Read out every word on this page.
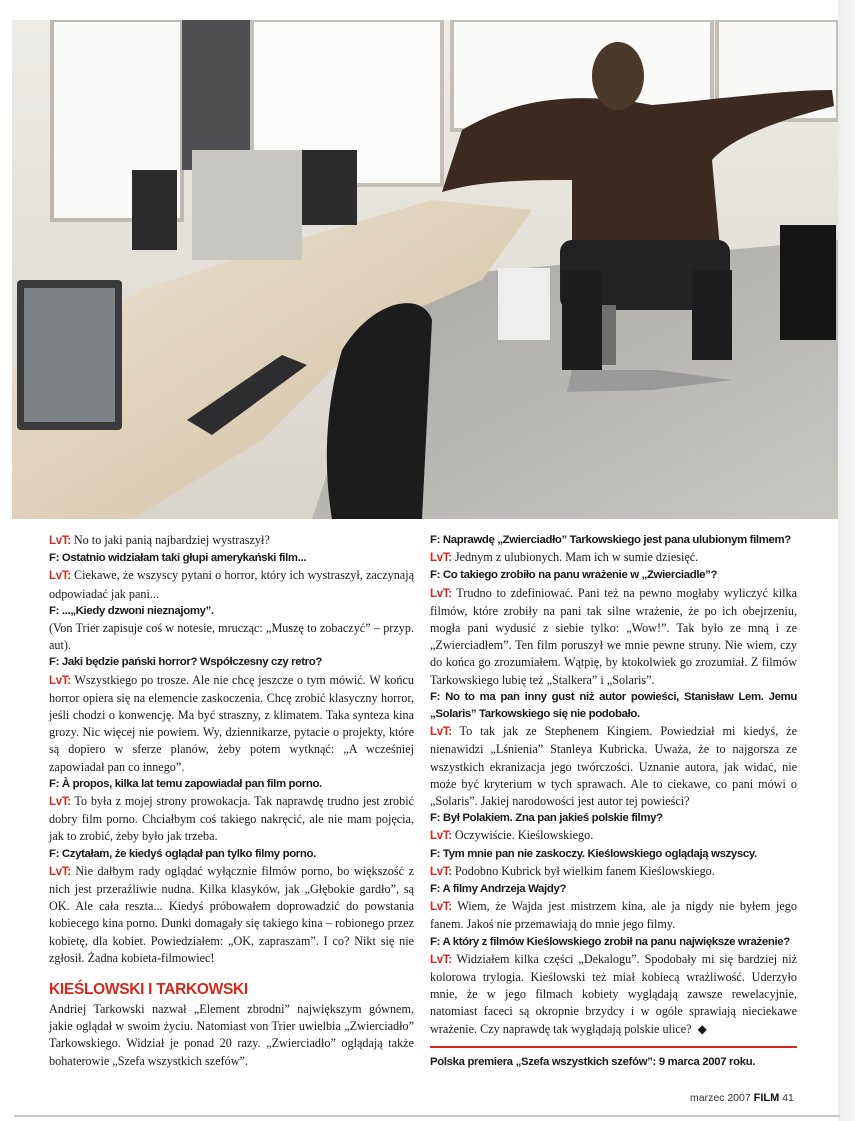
LvT: No to jaki panią najbardziej wystraszył?

F: Ostatnio widziałam taki głupi amerykański film...

LvT: Ciekawe, że wszyscy pytani o horror, który ich wystraszył, zaczynają odpowiadać jak pani...

F: ...„Kiedy dzwoni nieznajomy”.

(Von Trier zapisuje coś w notesie, mrucząc: „Muszę to zobaczyć” – przyp. aut).

F: Jaki będzie pański horror? Współczesny czy retro?

LvT: Wszystkiego po trosze. Ale nie chcę jeszcze o tym mówić. W końcu horror opiera się na elemencie zaskoczenia. Chcę zrobić klasyczny horror, jeśli chodzi o konwencję. Ma być straszny, z klimatem. Taka synteza kina grozy. Nic więcej nie powiem. Wy, dziennikarze, pytacie o projekty, które są dopiero w sferze planów, żeby potem wytknąć: „A wcześniej zapowiadał pan co innego”.

F: À propos, kilka lat temu zapowiadał pan film porno.

LvT: To była z mojej strony prowokacja. Tak naprawdę trudno jest zrobić dobry film porno. Chciałbym coś takiego nakręcić, ale nie mam pojęcia, jak to zrobić, żeby było jak trzeba.

F: Czytałam, że kiedyś oglądał pan tylko filmy porno.

LvT: Nie dałbym rady oglądać wyłącznie filmów porno, bo większość z nich jest przeraźliwie nudna. Kilka klasyków, jak „Głębokie gardło”, są OK. Ale cała reszta... Kiedyś próbowałem doprowadzić do powstania kobiecego kina porno. Dunki domagały się takiego kina – robionego przez kobietę, dla kobiet. Powiedziałem: „OK, zapraszam”. I co? Nikt się nie zgłosił. Żadna kobieta-filmowiec!

KIEŚLOWSKI I TARKOWSKI

Andriej Tarkowski nazwał „Element zbrodni” największym gównem, jakie oglądał w swoim życiu. Natomiast von Trier uwielbia „Zwierciadło” Tarkowskiego. Widział je ponad 20 razy. „Zwierciadło” oglądają także bohaterowie „Szefa wszystkich szefów”.

F: Naprawdę „Zwierciadło” Tarkowskiego jest pana ulubionym filmem?

LvT: Jednym z ulubionych. Mam ich w sumie dziesięć.

F: Co takiego zrobiło na panu wrażenie w „Zwierciadle”?

LvT: Trudno to zdefiniować. Pani też na pewno mogłaby wyliczyć kilka filmów, które zrobiły na pani tak silne wrażenie, że po ich obejrzeniu, mogła pani wydusić z siebie tylko: „Wow!”. Tak było ze mną i ze „Zwierciadłem”. Ten film poruszył we mnie pewne struny. Nie wiem, czy do końca go zrozumiałem. Wątpię, by ktokolwiek go zrozumiał. Z filmów Tarkowskiego lubię też „Stalkera” i „Solaris”.

F: No to ma pan inny gust niż autor powieści, Stanisław Lem. Jemu „Solaris” Tarkowskiego się nie podobało.

LvT: To tak jak ze Stephenem Kingiem. Powiedział mi kiedyś, że nienawidzi „Lśnienia” Stanleya Kubricka. Uważa, że to najgorsza ze wszystkich ekranizacja jego twórczości. Uznanie autora, jak widać, nie może być kryterium w tych sprawach. Ale to ciekawe, co pani mówi o „Solaris”. Jakiej narodowości jest autor tej powieści?

F: Był Polakiem. Zna pan jakieś polskie filmy?

LvT: Oczywiście. Kieślowskiego.

F: Tym mnie pan nie zaskoczy. Kieślowskiego oglądają wszyscy.

LvT: Podobno Kubrick był wielkim fanem Kieślowskiego.

F: A filmy Andrzeja Wajdy?

LvT: Wiem, że Wajda jest mistrzem kina, ale ja nigdy nie byłem jego fanem. Jakoś nie przemawiają do mnie jego filmy.

F: A który z filmów Kieślowskiego zrobił na panu największe wrażenie?

LvT: Widziałem kilka części „Dekalogu”. Spodobały mi się bardziej niż kolorowa trylogia. Kieślowski też miał kobiecą wrażliwość. Uderzyło mnie, że w jego filmach kobiety wyglądają zawsze rewelacyjnie, natomiast faceci są okropnie brzydcy i w ogóle sprawiają nieciekawe wrażenie. Czy naprawdę tak wyglądają polskie ulice? ◆

Polska premiera „Szefa wszystkich szefów”: 9 marca 2007 roku.
marzec 2007 FILM 41
